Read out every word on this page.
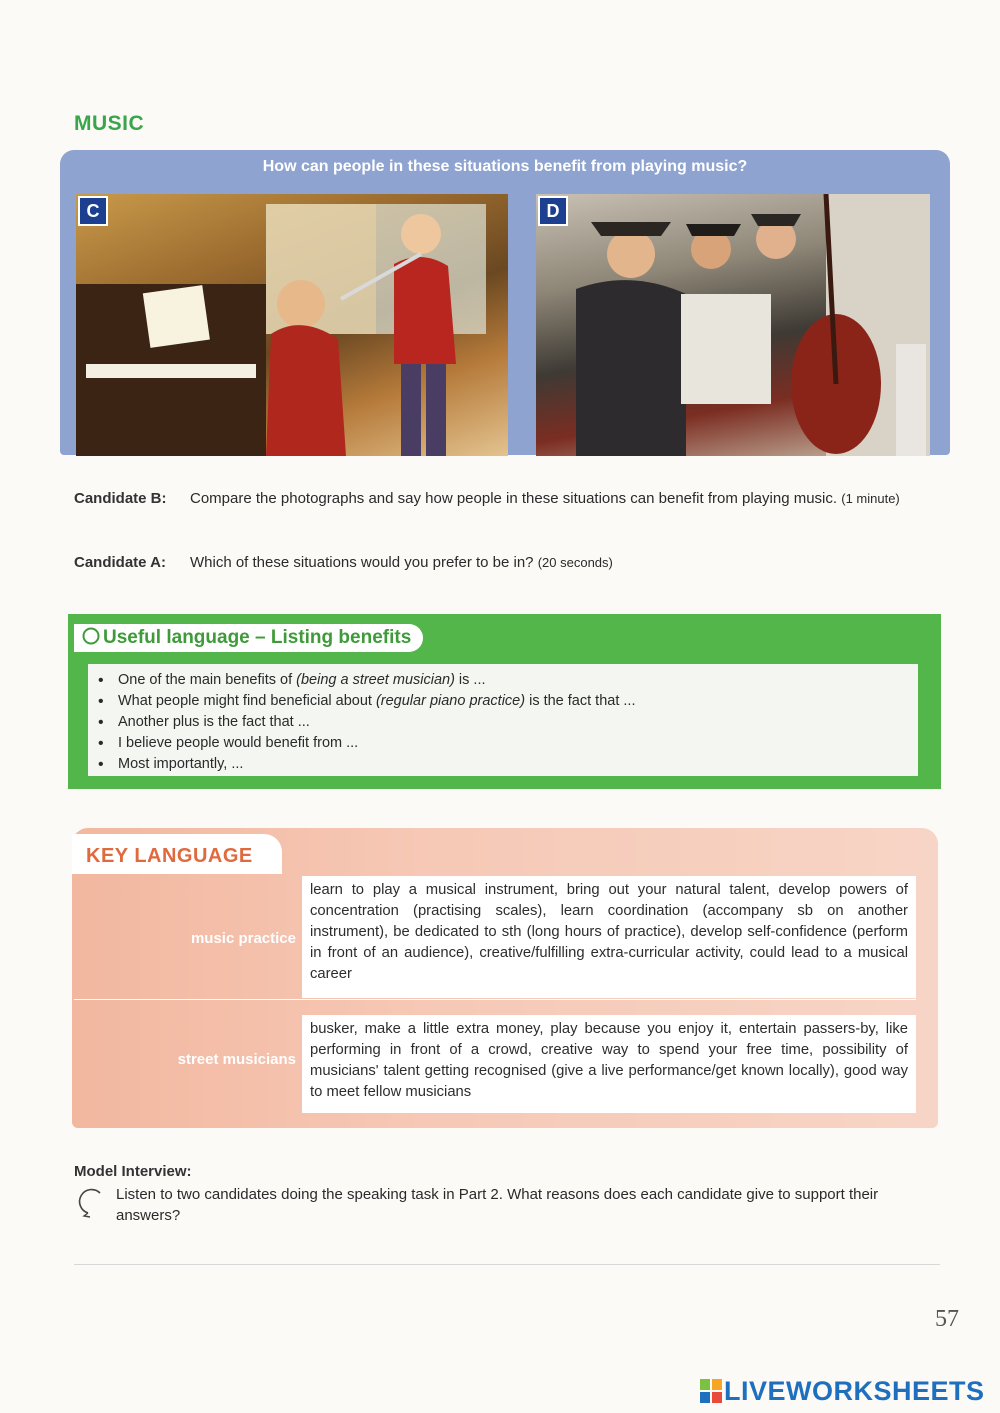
MUSIC
How can people in these situations benefit from playing music?
C	D
Candidate B:	Compare the photographs and say how people in these situations can benefit from playing music. (1 minute)
Candidate A:	Which of these situations would you prefer to be in? (20 seconds)
Useful language – Listing benefits
• One of the main benefits of (being a street musician) is ...
• What people might find beneficial about (regular piano practice) is the fact that ...
• Another plus is the fact that ...
• I believe people would benefit from ...
• Most importantly, ...
KEY LANGUAGE
music practice
learn to play a musical instrument, bring out your natural talent, develop powers of concentration (practising scales), learn coordination (accompany sb on another instrument), be dedicated to sth (long hours of practice), develop self-confidence (perform in front of an audience), creative/fulfilling extra-curricular activity, could lead to a musical career
street musicians
busker, make a little extra money, play because you enjoy it, entertain passers-by, like performing in front of a crowd, creative way to spend your free time, possibility of musicians' talent getting recognised (give a live performance/get known locally), good way to meet fellow musicians
Model Interview:
Listen to two candidates doing the speaking task in Part 2. What reasons does each candidate give to support their answers?
57
LIVEWORKSHEETS
